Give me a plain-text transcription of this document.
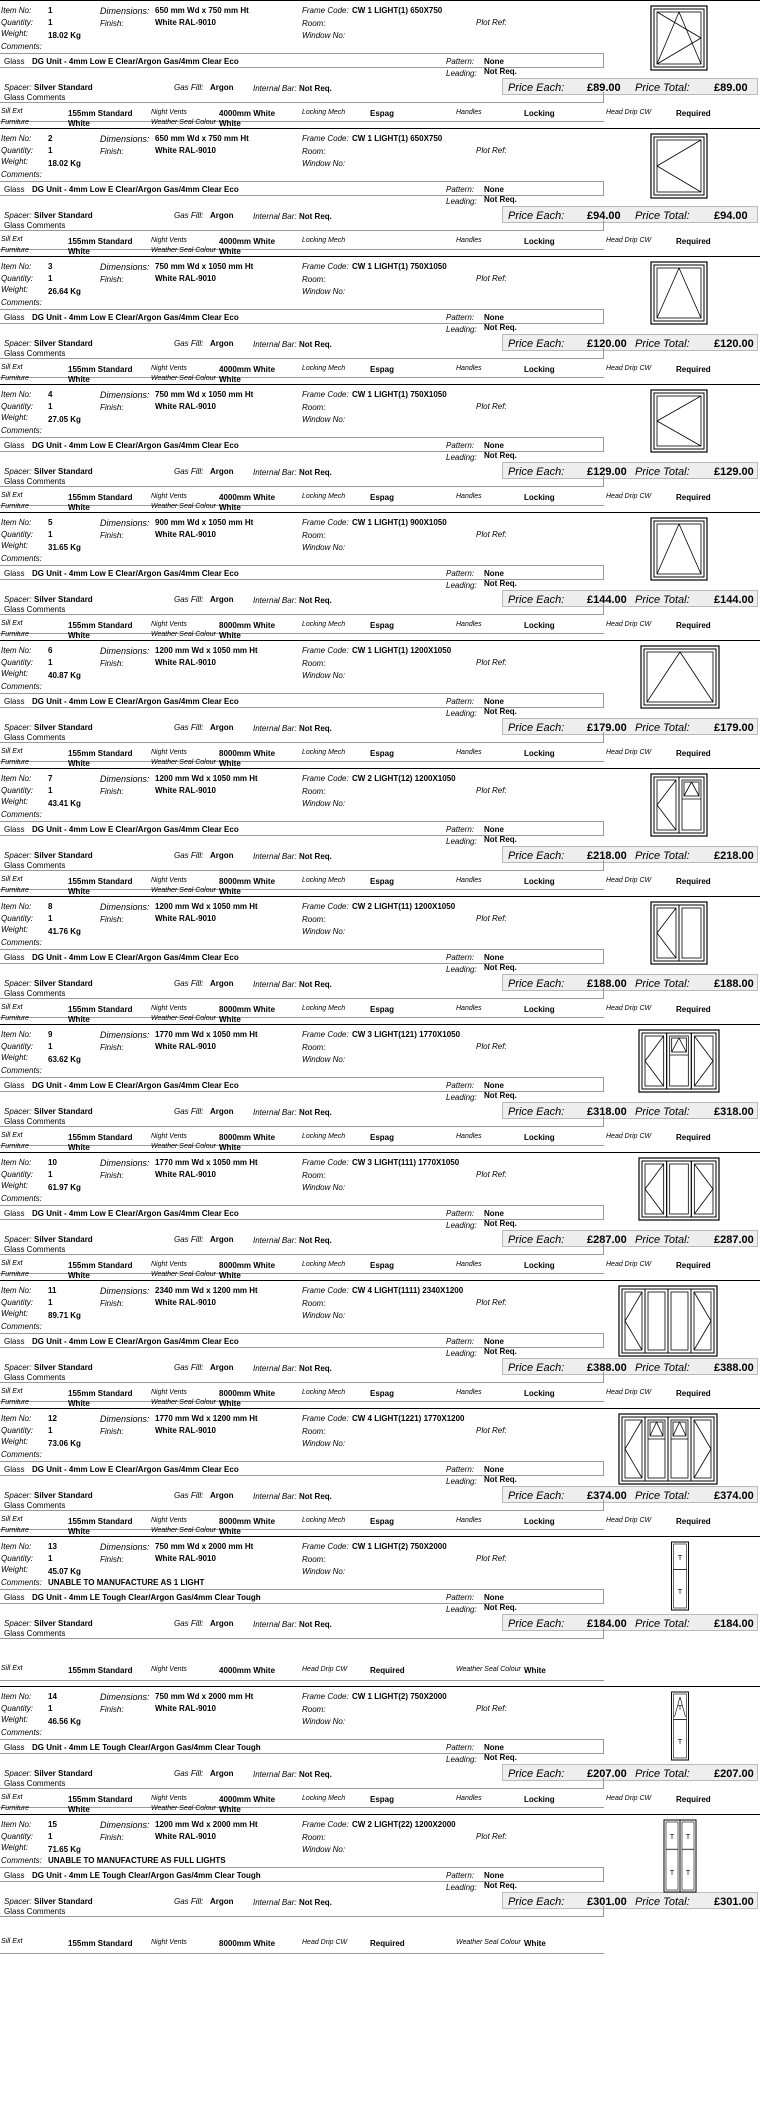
Item No: 1	Dimensions: 650 mm Wd x 750 mm Ht	Frame Code: CW 1 LIGHT(1) 650X750
Plot Ref:
Quantity: 1	Finish:	White RAL-9010	Room:
Weight:	18.02 Kg	Window No:
Comments:
Glass DG Unit - 4mm Low E Clear/Argon Gas/4mm Clear Eco	Pattern: None
Leading: Not Req.
Spacer: Silver Standard	Gas Fill: Argon Internal Bar: Not Req.	Price Each: £89.00 Price Total: £89.00
Glass Comments
Sill Ext	155mm Standard	Night Vents	4000mm White	Locking Mech	Espag	Handles	Locking	Head Drip CW	Required
Furniture	White	Weather Seal Colour White
Item No: 2	Dimensions: 650 mm Wd x 750 mm Ht	Frame Code: CW 1 LIGHT(1) 650X750
Plot Ref:
Quantity: 1	Finish:	White RAL-9010	Room:
Weight:	18.02 Kg	Window No:
Comments:
Glass DG Unit - 4mm Low E Clear/Argon Gas/4mm Clear Eco	Pattern: None
Leading: Not Req.
Spacer: Silver Standard	Gas Fill: Argon Internal Bar: Not Req.	Price Each: £94.00 Price Total: £94.00
Glass Comments
Sill Ext	155mm Standard	Night Vents	4000mm White	Locking Mech	Handles	Locking	Head Drip CW	Required
Furniture	White	Weather Seal Colour White
Item No: 3	Dimensions: 750 mm Wd x 1050 mm Ht	Frame Code: CW 1 LIGHT(1) 750X1050
Plot Ref:
Quantity: 1	Finish:	White RAL-9010	Room:
Weight:	26.64 Kg	Window No:
Comments:
Glass DG Unit - 4mm Low E Clear/Argon Gas/4mm Clear Eco	Pattern: None
Leading: Not Req.
Spacer: Silver Standard	Gas Fill: Argon Internal Bar: Not Req.	Price Each: £120.00 Price Total: £120.00
Glass Comments
Sill Ext	155mm Standard	Night Vents	4000mm White	Locking Mech	Espag	Handles	Locking	Head Drip CW	Required
Furniture	White	Weather Seal Colour White
Item No: 4	Dimensions: 750 mm Wd x 1050 mm Ht	Frame Code: CW 1 LIGHT(1) 750X1050
Plot Ref:
Quantity: 1	Finish:	White RAL-9010	Room:
Weight:	27.05 Kg	Window No:
Comments:
Glass DG Unit - 4mm Low E Clear/Argon Gas/4mm Clear Eco	Pattern: None
Leading: Not Req.
Spacer: Silver Standard	Gas Fill: Argon Internal Bar: Not Req.	Price Each: £129.00 Price Total: £129.00
Glass Comments
Sill Ext	155mm Standard	Night Vents	4000mm White	Locking Mech	Espag	Handles	Locking	Head Drip CW	Required
Furniture	White	Weather Seal Colour White
Item No: 5	Dimensions: 900 mm Wd x 1050 mm Ht	Frame Code: CW 1 LIGHT(1) 900X1050
Plot Ref:
Quantity: 1	Finish:	White RAL-9010	Room:
Weight:	31.65 Kg	Window No:
Comments:
Glass DG Unit - 4mm Low E Clear/Argon Gas/4mm Clear Eco	Pattern: None
Leading: Not Req.
Spacer: Silver Standard	Gas Fill: Argon Internal Bar: Not Req.	Price Each: £144.00 Price Total: £144.00
Glass Comments
Sill Ext	155mm Standard	Night Vents	8000mm White	Locking Mech	Espag	Handles	Locking	Head Drip CW	Required
Furniture	White	Weather Seal Colour White
Item No: 6	Dimensions: 1200 mm Wd x 1050 mm Ht	Frame Code: CW 1 LIGHT(1) 1200X1050
Plot Ref:
Quantity: 1	Finish:	White RAL-9010	Room:
Weight:	40.87 Kg	Window No:
Comments:
Glass DG Unit - 4mm Low E Clear/Argon Gas/4mm Clear Eco	Pattern: None
Leading: Not Req.
Spacer: Silver Standard	Gas Fill: Argon Internal Bar: Not Req.	Price Each: £179.00 Price Total: £179.00
Glass Comments
Sill Ext	155mm Standard	Night Vents	8000mm White	Locking Mech	Espag	Handles	Locking	Head Drip CW	Required
Furniture	White	Weather Seal Colour White
Item No: 7	Dimensions: 1200 mm Wd x 1050 mm Ht	Frame Code: CW 2 LIGHT(12) 1200X1050
Plot Ref:
Quantity: 1	Finish:	White RAL-9010	Room:
Weight:	43.41 Kg	Window No:
Comments:
Glass DG Unit - 4mm Low E Clear/Argon Gas/4mm Clear Eco	Pattern: None
Leading: Not Req.
Spacer: Silver Standard	Gas Fill: Argon Internal Bar: Not Req.	Price Each: £218.00 Price Total: £218.00
Glass Comments
Sill Ext	155mm Standard	Night Vents	8000mm White	Locking Mech	Espag	Handles	Locking	Head Drip CW	Required
Furniture	White	Weather Seal Colour White
Item No: 8	Dimensions: 1200 mm Wd x 1050 mm Ht	Frame Code: CW 2 LIGHT(11) 1200X1050
Plot Ref:
Quantity: 1	Finish:	White RAL-9010	Room:
Weight:	41.76 Kg	Window No:
Comments:
Glass DG Unit - 4mm Low E Clear/Argon Gas/4mm Clear Eco	Pattern: None
Leading: Not Req.
Spacer: Silver Standard	Gas Fill: Argon Internal Bar: Not Req.	Price Each: £188.00 Price Total: £188.00
Glass Comments
Sill Ext	155mm Standard	Night Vents	8000mm White	Locking Mech	Espag	Handles	Locking	Head Drip CW	Required
Furniture	White	Weather Seal Colour White
Item No: 9	Dimensions: 1770 mm Wd x 1050 mm Ht	Frame Code: CW 3 LIGHT(121) 1770X1050
Plot Ref:
Quantity: 1	Finish:	White RAL-9010	Room:
Weight:	63.62 Kg	Window No:
Comments:
Glass DG Unit - 4mm Low E Clear/Argon Gas/4mm Clear Eco	Pattern: None
Leading: Not Req.
Spacer: Silver Standard	Gas Fill: Argon Internal Bar: Not Req.	Price Each: £318.00 Price Total: £318.00
Glass Comments
Sill Ext	155mm Standard	Night Vents	8000mm White	Locking Mech	Espag	Handles	Locking	Head Drip CW	Required
Furniture	White	Weather Seal Colour White
Item No: 10	Dimensions: 1770 mm Wd x 1050 mm Ht	Frame Code: CW 3 LIGHT(111) 1770X1050
Plot Ref:
Quantity: 1	Finish:	White RAL-9010	Room:
Weight:	61.97 Kg	Window No:
Comments:
Glass DG Unit - 4mm Low E Clear/Argon Gas/4mm Clear Eco	Pattern: None
Leading: Not Req.
Spacer: Silver Standard	Gas Fill: Argon Internal Bar: Not Req.	Price Each: £287.00 Price Total: £287.00
Glass Comments
Sill Ext	155mm Standard	Night Vents	8000mm White	Locking Mech	Espag	Handles	Locking	Head Drip CW	Required
Furniture	White	Weather Seal Colour White
Item No: 11	Dimensions: 2340 mm Wd x 1200 mm Ht	Frame Code: CW 4 LIGHT(1111) 2340X1200
Plot Ref:
Quantity: 1	Finish:	White RAL-9010	Room:
Weight:	89.71 Kg	Window No:
Comments:
Glass DG Unit - 4mm Low E Clear/Argon Gas/4mm Clear Eco	Pattern: None
Leading: Not Req.
Spacer: Silver Standard	Gas Fill: Argon Internal Bar: Not Req.	Price Each: £388.00 Price Total: £388.00
Glass Comments
Sill Ext	155mm Standard	Night Vents	8000mm White	Locking Mech	Espag	Handles	Locking	Head Drip CW	Required
Furniture	White	Weather Seal Colour White
Item No: 12	Dimensions: 1770 mm Wd x 1200 mm Ht	Frame Code: CW 4 LIGHT(1221) 1770X1200
Plot Ref:
Quantity: 1	Finish:	White RAL-9010	Room:
Weight:	73.06 Kg	Window No:
Comments:
Glass DG Unit - 4mm Low E Clear/Argon Gas/4mm Clear Eco	Pattern: None
Leading: Not Req.
Spacer: Silver Standard	Gas Fill: Argon Internal Bar: Not Req.	Price Each: £374.00 Price Total: £374.00
Glass Comments
Sill Ext	155mm Standard	Night Vents	8000mm White	Locking Mech	Espag	Handles	Locking	Head Drip CW	Required
Furniture	White	Weather Seal Colour White
Item No: 13	Dimensions: 750 mm Wd x 2000 mm Ht	Frame Code: CW 1 LIGHT(2) 750X2000
Plot Ref:
Quantity: 1	Finish:	White RAL-9010	Room:
Weight:	45.07 Kg	Window No:
Comments: UNABLE TO MANUFACTURE AS 1 LIGHT
Glass DG Unit - 4mm LE Tough Clear/Argon Gas/4mm Clear Tough	Pattern: None
Leading: Not Req.
Spacer: Silver Standard	Gas Fill: Argon Internal Bar: Not Req.	Price Each: £184.00 Price Total: £184.00
Glass Comments
Sill Ext	155mm Standard	Night Vents	4000mm White	Head Drip CW	Required	Weather Seal Colour White
T
T
Item No: 14	Dimensions: 750 mm Wd x 2000 mm Ht	Frame Code: CW 1 LIGHT(2) 750X2000
Plot Ref:
Quantity: 1	Finish:	White RAL-9010	Room:
Weight:	46.56 Kg	Window No:
Comments:
Glass DG Unit - 4mm LE Tough Clear/Argon Gas/4mm Clear Tough	Pattern: None
Leading: Not Req.
Spacer: Silver Standard	Gas Fill: Argon Internal Bar: Not Req.	Price Each: £207.00 Price Total: £207.00
Glass Comments
Sill Ext	155mm Standard	Night Vents	4000mm White	Locking Mech	Espag	Handles	Locking	Head Drip CW	Required
Furniture	White	Weather Seal Colour White
T
T
Item No: 15	Dimensions: 1200 mm Wd x 2000 mm Ht	Frame Code: CW 2 LIGHT(22) 1200X2000
Plot Ref:
Quantity: 1	Finish:	White RAL-9010	Room:
Weight:	71.65 Kg	Window No:
Comments: UNABLE TO MANUFACTURE AS FULL LIGHTS
Glass DG Unit - 4mm LE Tough Clear/Argon Gas/4mm Clear Tough	Pattern: None
Leading: Not Req.
Spacer: Silver Standard	Gas Fill: Argon Internal Bar: Not Req.	Price Each: £301.00 Price Total: £301.00
Glass Comments
Sill Ext	155mm Standard	Night Vents	8000mm White	Head Drip CW	Required	Weather Seal Colour White
T
T
T
T
